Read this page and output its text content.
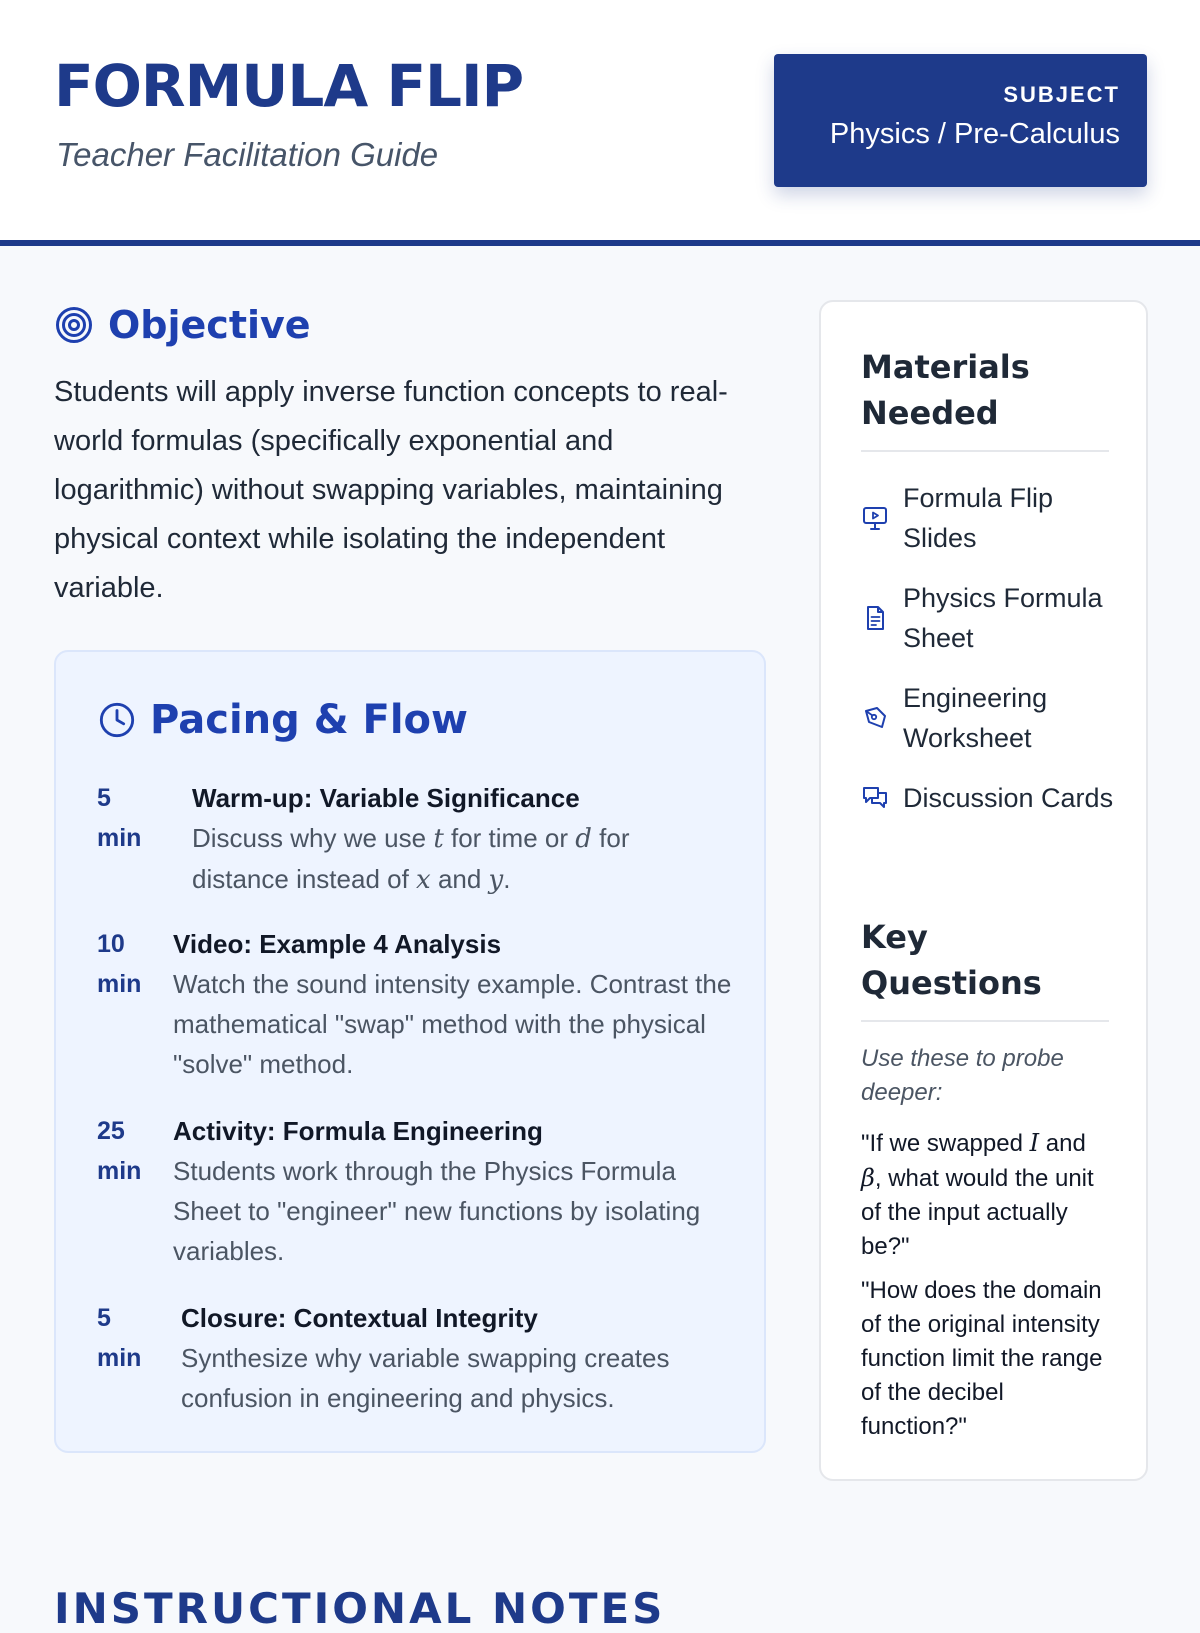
FORMULA FLIP
Teacher Facilitation Guide
SUBJECT
Physics / Pre-Calculus
Objective
Students will apply inverse function concepts to real-world formulas (specifically exponential and logarithmic) without swapping variables, maintaining physical context while isolating the independent variable.
Pacing & Flow
5
min
Warm-up: Variable Significance
Discuss why we use t for time or d for distance instead of x and y.
10
min
Video: Example 4 Analysis
Watch the sound intensity example. Contrast the mathematical "swap" method with the physical "solve" method.
25
min
Activity: Formula Engineering
Students work through the Physics Formula Sheet to "engineer" new functions by isolating variables.
5
min
Closure: Contextual Integrity
Synthesize why variable swapping creates confusion in engineering and physics.
Materials Needed
Formula Flip Slides
Physics Formula Sheet
Engineering Worksheet
Discussion Cards
Key Questions
Use these to probe deeper:
"If we swapped I and β, what would the unit of the input actually be?"
"How does the domain of the original intensity function limit the range of the decibel function?"
INSTRUCTIONAL NOTES
